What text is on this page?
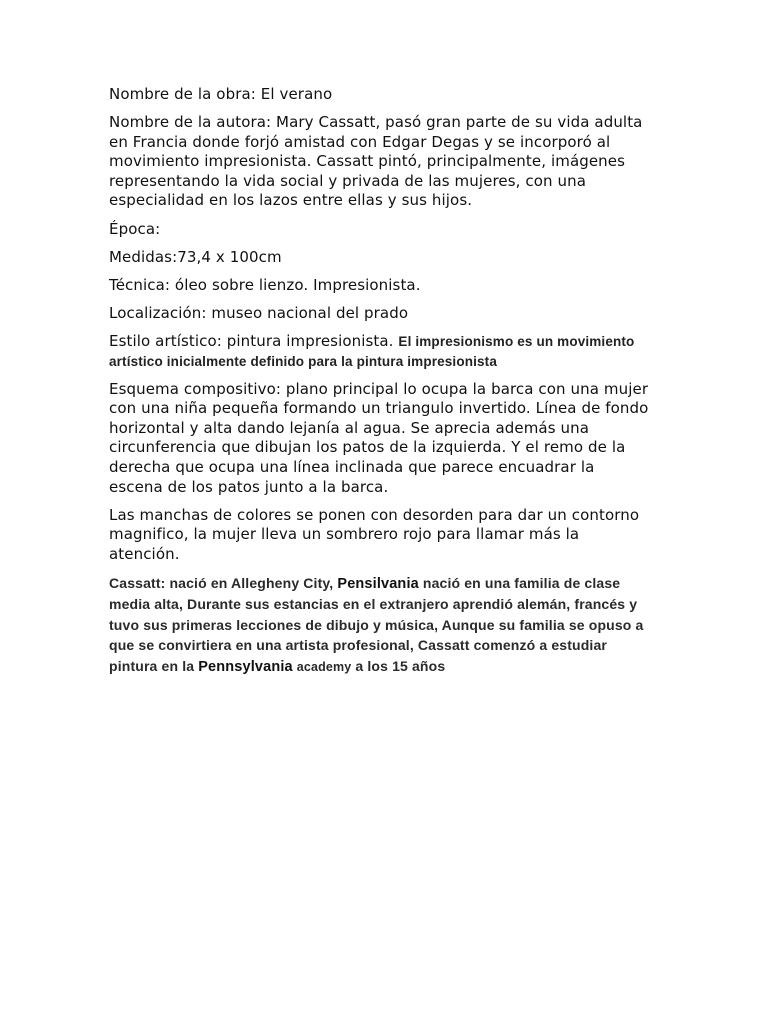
Nombre de la obra: El verano

Nombre de la autora: Mary Cassatt, pasó gran parte de su vida adulta en Francia donde forjó amistad con Edgar Degas y se incorporó al movimiento impresionista. Cassatt pintó, principalmente, imágenes representando la vida social y privada de las mujeres, con una especialidad en los lazos entre ellas y sus hijos.

Época:

Medidas:73,4 x 100cm

Técnica: óleo sobre lienzo. Impresionista.

Localización: museo nacional del prado

Estilo artístico: pintura impresionista. El impresionismo es un movimiento artístico inicialmente definido para la pintura impresionista

Esquema compositivo: plano principal lo ocupa la barca con una mujer con una niña pequeña formando un triangulo invertido. Línea de fondo horizontal y alta dando lejanía al agua. Se aprecia además una circunferencia que dibujan los patos de la izquierda. Y el remo de la derecha que ocupa una línea inclinada que parece encuadrar la escena de los patos junto a la barca.

Las manchas de colores se ponen con desorden para dar un contorno magnifico, la mujer lleva un sombrero rojo para llamar más la atención.

Cassatt: nació en Allegheny City, Pensilvania nació en una familia de clase media alta, Durante sus estancias en el extranjero aprendió alemán, francés y tuvo sus primeras lecciones de dibujo y música, Aunque su familia se opuso a que se convirtiera en una artista profesional, Cassatt comenzó a estudiar pintura en la Pennsylvania academy a los 15 años
